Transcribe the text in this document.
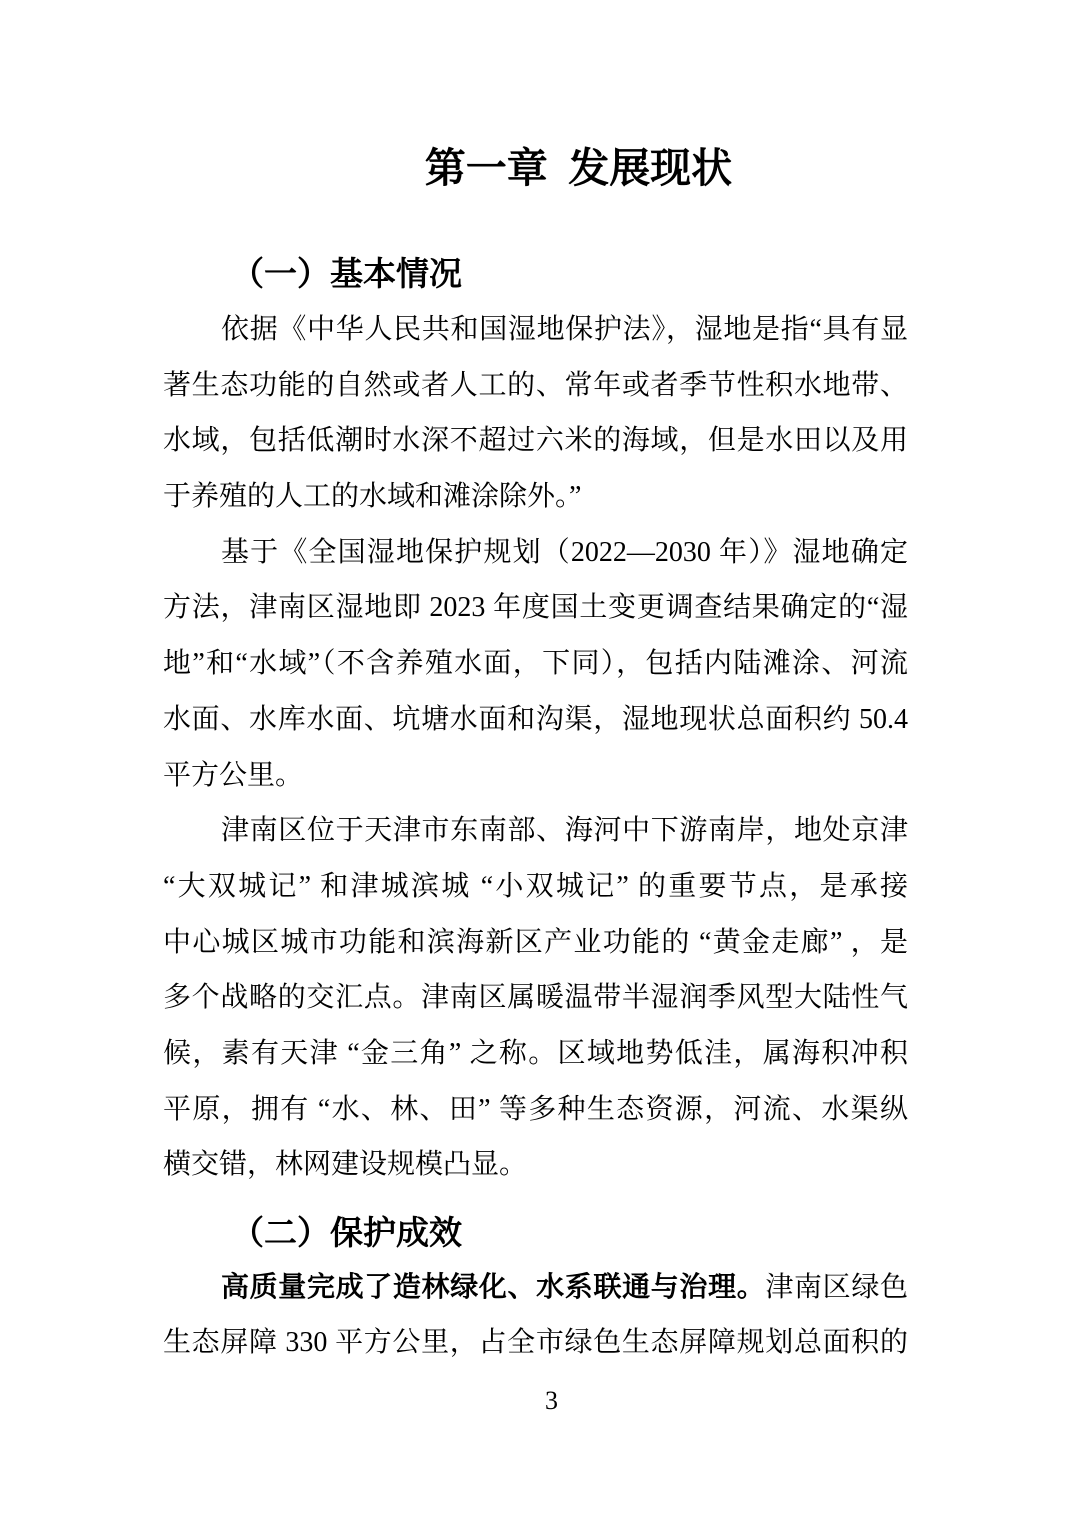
第一章 发展现状
（一）基本情况
依据《中华人民共和国湿地保护法》，湿地是指“具有显
著生态功能的自然或者人工的、常年或者季节性积水地带、
水域，包括低潮时水深不超过六米的海域，但是水田以及用
于养殖的人工的水域和滩涂除外。”
基于《全国湿地保护规划（2022—2030 年）》湿地确定
方法，津南区湿地即 2023 年度国土变更调查结果确定的“湿
地”和“水域”（不含养殖水面，下同），包括内陆滩涂、河流
水面、水库水面、坑塘水面和沟渠，湿地现状总面积约 50.4
平方公里。
津南区位于天津市东南部、海河中下游南岸，地处京津
“大双城记” 和津城滨城 “小双城记” 的重要节点，是承接
中心城区城市功能和滨海新区产业功能的 “黄金走廊” ，是
多个战略的交汇点。津南区属暖温带半湿润季风型大陆性气
候，素有天津 “金三角” 之称。区域地势低洼，属海积冲积
平原，拥有 “水、林、田” 等多种生态资源，河流、水渠纵
横交错，林网建设规模凸显。
（二）保护成效
高质量完成了造林绿化、水系联通与治理。津南区绿色
生态屏障 330 平方公里，占全市绿色生态屏障规划总面积的
3
